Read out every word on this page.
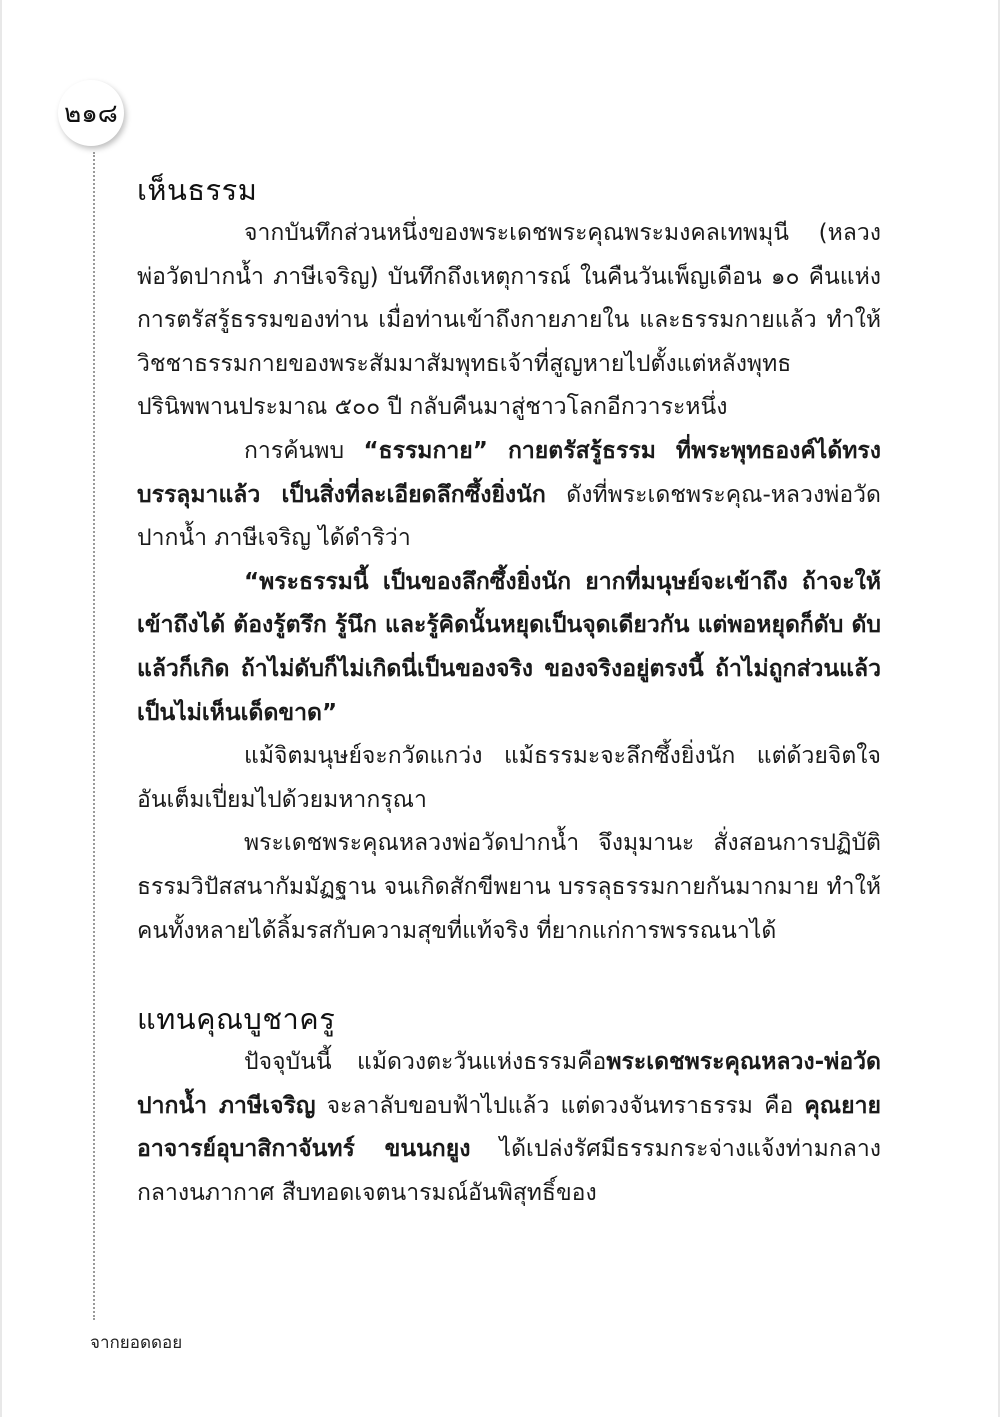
๒๑๘
เห็นธรรม

จากบันทึกส่วนหนึ่งของพระเดชพระคุณพระมงคลเทพมุนี (หลวงพ่อวัดปากน้ำ ภาษีเจริญ) บันทึกถึงเหตุการณ์ ในคืนวันเพ็ญเดือน ๑๐ คืนแห่งการตรัสรู้ธรรมของท่าน เมื่อท่านเข้าถึงกายภายใน และธรรมกายแล้ว ทำให้วิชชาธรรมกายของพระสัมมาสัมพุทธเจ้าที่สูญหายไปตั้งแต่หลังพุทธปรินิพพานประมาณ ๕๐๐ ปี กลับคืนมาสู่ชาวโลกอีกวาระหนึ่ง

การค้นพบ “ธรรมกาย” กายตรัสรู้ธรรม ที่พระพุทธองค์ได้ทรงบรรลุมาแล้ว เป็นสิ่งที่ละเอียดลึกซึ้งยิ่งนัก ดังที่พระเดชพระคุณ-หลวงพ่อวัดปากน้ำ ภาษีเจริญ ได้ดำริว่า

“พระธรรมนี้ เป็นของลึกซึ้งยิ่งนัก ยากที่มนุษย์จะเข้าถึง ถ้าจะให้เข้าถึงได้ ต้องรู้ตรึก รู้นึก และรู้คิดนั้นหยุดเป็นจุดเดียวกัน แต่พอหยุดก็ดับ ดับแล้วก็เกิด ถ้าไม่ดับก็ไม่เกิดนี่เป็นของจริง ของจริงอยู่ตรงนี้ ถ้าไม่ถูกส่วนแล้ว เป็นไม่เห็นเด็ดขาด”

แม้จิตมนุษย์จะกวัดแกว่ง แม้ธรรมะจะลึกซึ้งยิ่งนัก แต่ด้วยจิตใจอันเต็มเปี่ยมไปด้วยมหากรุณา

พระเดชพระคุณหลวงพ่อวัดปากน้ำ จึงมุมานะ สั่งสอนการปฏิบัติธรรมวิปัสสนากัมมัฏฐาน จนเกิดสักขีพยาน บรรลุธรรมกายกันมากมาย ทำให้คนทั้งหลายได้ลิ้มรสกับความสุขที่แท้จริง ที่ยากแก่การพรรณนาได้

แทนคุณบูชาครู

ปัจจุบันนี้ แม้ดวงตะวันแห่งธรรมคือพระเดชพระคุณหลวง-พ่อวัดปากน้ำ ภาษีเจริญ จะลาลับขอบฟ้าไปแล้ว แต่ดวงจันทราธรรม คือ คุณยายอาจารย์อุบาสิกาจันทร์ ขนนกยูง ได้เปล่งรัศมีธรรมกระจ่างแจ้งท่ามกลาง กลางนภากาศ สืบทอดเจตนารมณ์อันพิสุทธิ์ของ

จากยอดดอย
